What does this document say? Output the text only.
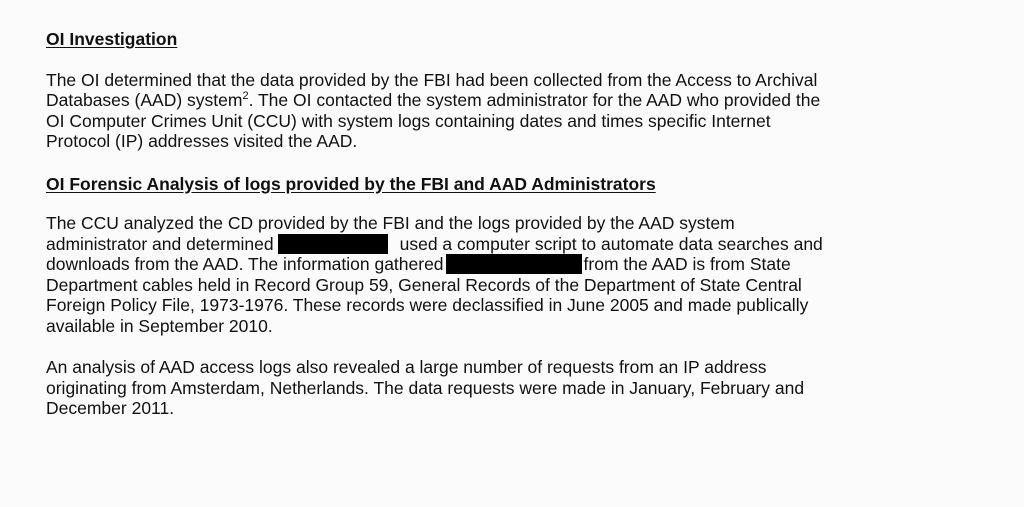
OI Investigation

The OI determined that the data provided by the FBI had been collected from the Access to Archival
Databases (AAD) system$^2$. The OI contacted the system administrator for the AAD who provided the
OI Computer Crimes Unit (CCU) with system logs containing dates and times specific Internet
Protocol (IP) addresses visited the AAD.

OI Forensic Analysis of logs provided by the FBI and AAD Administrators

The CCU analyzed the CD provided by the FBI and the logs provided by the AAD system
administrator and determined	used a computer script to automate data searches and
downloads from the AAD. The information gathered	from the AAD is from State
Department cables held in Record Group 59, General Records of the Department of State Central
Foreign Policy File, 1973-1976. These records were declassified in June 2005 and made publically
available in September 2010.

An analysis of AAD access logs also revealed a large number of requests from an IP address
originating from Amsterdam, Netherlands. The data requests were made in January, February and
December 2011.
